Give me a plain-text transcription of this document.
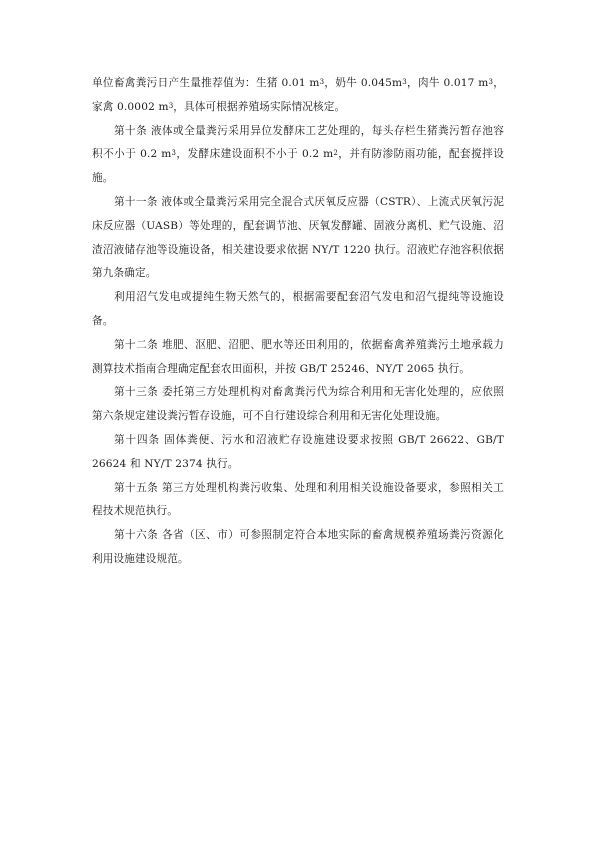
单位畜禽粪污日产生量推荐值为：生猪 0.01 $m^3$，奶牛 $0.045m^3$，肉牛 0.017 $m^3$，家禽 0.0002 $m^3$，具体可根据养殖场实际情况核定。

第十条 液体或全量粪污采用异位发酵床工艺处理的，每头存栏生猪粪污暂存池容积不小于 0.2 $m^3$，发酵床建设面积不小于 0.2 $m^2$，并有防渗防雨功能，配套搅拌设施。

第十一条 液体或全量粪污采用完全混合式厌氧反应器（CSTR）、上流式厌氧污泥床反应器（UASB）等处理的，配套调节池、厌氧发酵罐、固液分离机、贮气设施、沼渣沼液储存池等设施设备，相关建设要求依据 NY/T 1220 执行。沼液贮存池容积依据第九条确定。

利用沼气发电或提纯生物天然气的，根据需要配套沼气发电和沼气提纯等设施设备。

第十二条 堆肥、沤肥、沼肥、肥水等还田利用的，依据畜禽养殖粪污土地承载力测算技术指南合理确定配套农田面积，并按 GB/T 25246、NY/T 2065 执行。

第十三条 委托第三方处理机构对畜禽粪污代为综合利用和无害化处理的，应依照第六条规定建设粪污暂存设施，可不自行建设综合利用和无害化处理设施。

第十四条 固体粪便、污水和沼液贮存设施建设要求按照 GB/T 26622、GB/T 26624 和 NY/T 2374 执行。

第十五条 第三方处理机构粪污收集、处理和利用相关设施设备要求，参照相关工程技术规范执行。

第十六条 各省（区、市）可参照制定符合本地实际的畜禽规模养殖场粪污资源化利用设施建设规范。
